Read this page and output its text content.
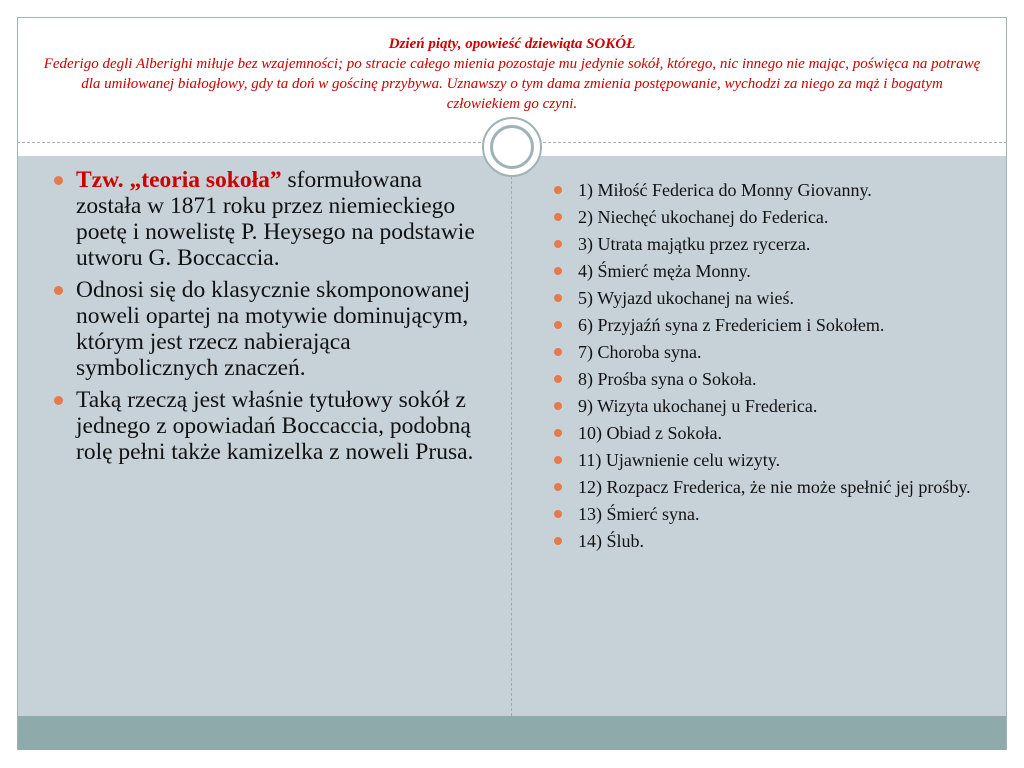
Dzień piąty, opowieść dziewiąta SOKÓŁ
Federigo degli Alberighi miłuje bez wzajemności; po stracie całego mienia pozostaje mu jedynie sokół, którego, nic innego nie mając, poświęca na potrawę dla umiłowanej białogłowy, gdy ta doń w gościnę przybywa. Uznawszy o tym dama zmienia postępowanie, wychodzi za niego za mąż i bogatym człowiekiem go czyni.
Tzw. „teoria sokoła” sformułowana została w 1871 roku przez niemieckiego poetę i nowelistę P. Heysego na podstawie utworu G. Boccaccia.
Odnosi się do klasycznie skomponowanej noweli opartej na motywie dominującym, którym jest rzecz nabierająca symbolicznych znaczeń.
Taką rzeczą jest właśnie tytułowy sokół z jednego z opowiadań Boccaccia, podobną rolę pełni także kamizelka z noweli Prusa.
1) Miłość Federica do Monny Giovanny.
2) Niechęć ukochanej do Federica.
3) Utrata majątku przez rycerza.
4) Śmierć męża Monny.
5) Wyjazd ukochanej na wieś.
6) Przyjaźń syna z Fredericiem i Sokołem.
7) Choroba syna.
8) Prośba syna o Sokoła.
9) Wizyta ukochanej u Frederica.
10) Obiad z Sokoła.
11) Ujawnienie celu wizyty.
12) Rozpacz Frederica, że nie może spełnić jej prośby.
13) Śmierć syna.
14) Ślub.
